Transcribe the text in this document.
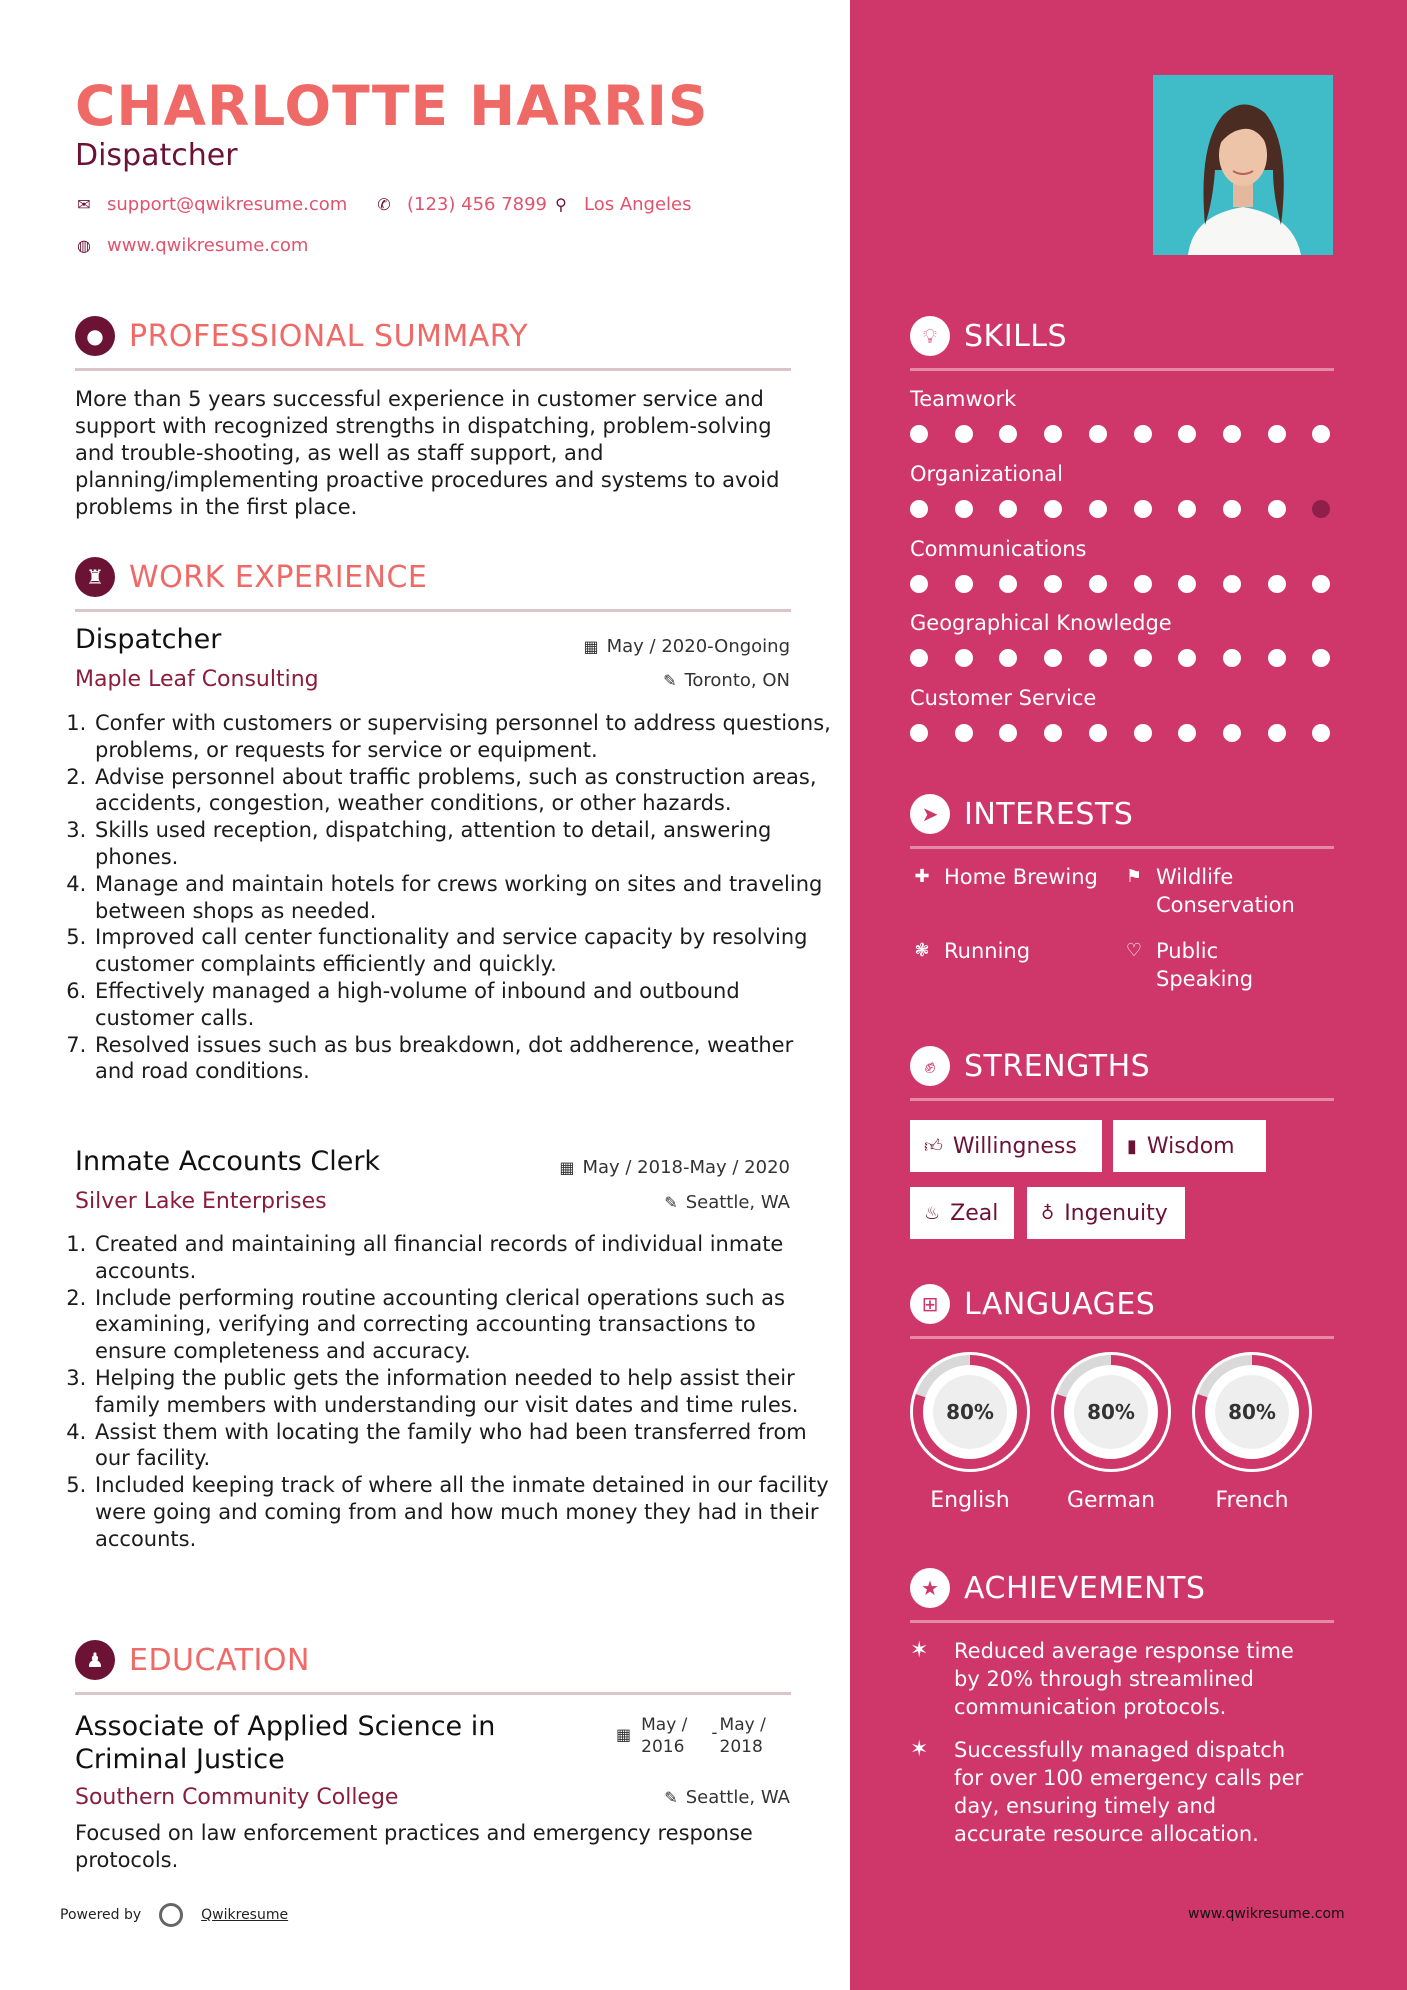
CHARLOTTE HARRIS
Dispatcher
✉ support@qwikresume.com ✆ (123) 456 7899 ⚲ Los Angeles
◍ www.qwikresume.com
● PROFESSIONAL SUMMARY
More than 5 years successful experience in customer service and support with recognized strengths in dispatching, problem-solving and trouble-shooting, as well as staff support, and planning/implementing proactive procedures and systems to avoid problems in the first place.
♜ WORK EXPERIENCE
Dispatcher	▦ May / 2020-Ongoing
Maple Leaf Consulting	✎ Toronto, ON
1. Confer with customers or supervising personnel to address questions, problems, or requests for service or equipment.
2. Advise personnel about traffic problems, such as construction areas, accidents, congestion, weather conditions, or other hazards.
3. Skills used reception, dispatching, attention to detail, answering phones.
4. Manage and maintain hotels for crews working on sites and traveling between shops as needed.
5. Improved call center functionality and service capacity by resolving customer complaints efficiently and quickly.
6. Effectively managed a high-volume of inbound and outbound customer calls.
7. Resolved issues such as bus breakdown, dot addherence, weather and road conditions.
Inmate Accounts Clerk	▦ May / 2018-May / 2020
Silver Lake Enterprises	✎ Seattle, WA
1. Created and maintaining all financial records of individual inmate accounts.
2. Include performing routine accounting clerical operations such as examining, verifying and correcting accounting transactions to ensure completeness and accuracy.
3. Helping the public gets the information needed to help assist their family members with understanding our visit dates and time rules.
4. Assist them with locating the family who had been transferred from our facility.
5. Included keeping track of where all the inmate detained in our facility were going and coming from and how much money they had in their accounts.
♟ EDUCATION
Associate of Applied Science in
Criminal Justice
▦ May /
2016
- May /
2018
Southern Community College	✎ Seattle, WA
Focused on law enforcement practices and emergency response protocols.
💡︎ SKILLS
Teamwork
Organizational
Communications
Geographical Knowledge
Customer Service
➤ INTERESTS
✚ Home Brewing ⚑ Wildlife
Conservation
❃ Running	♡ Public
Speaking
✊︎ STRENGTHS
👍︎ Willingness	▮ Wisdom
♨ Zeal ♁ Ingenuity
⊞ LANGUAGES
80%
English
80%
German
80%
French
★ ACHIEVEMENTS
✶	Reduced average response time
by 20% through streamlined
communication protocols.
✶	Successfully managed dispatch
for over 100 emergency calls per
day, ensuring timely and
accurate resource allocation.
Powered by	Qwikresume	www.qwikresume.com
